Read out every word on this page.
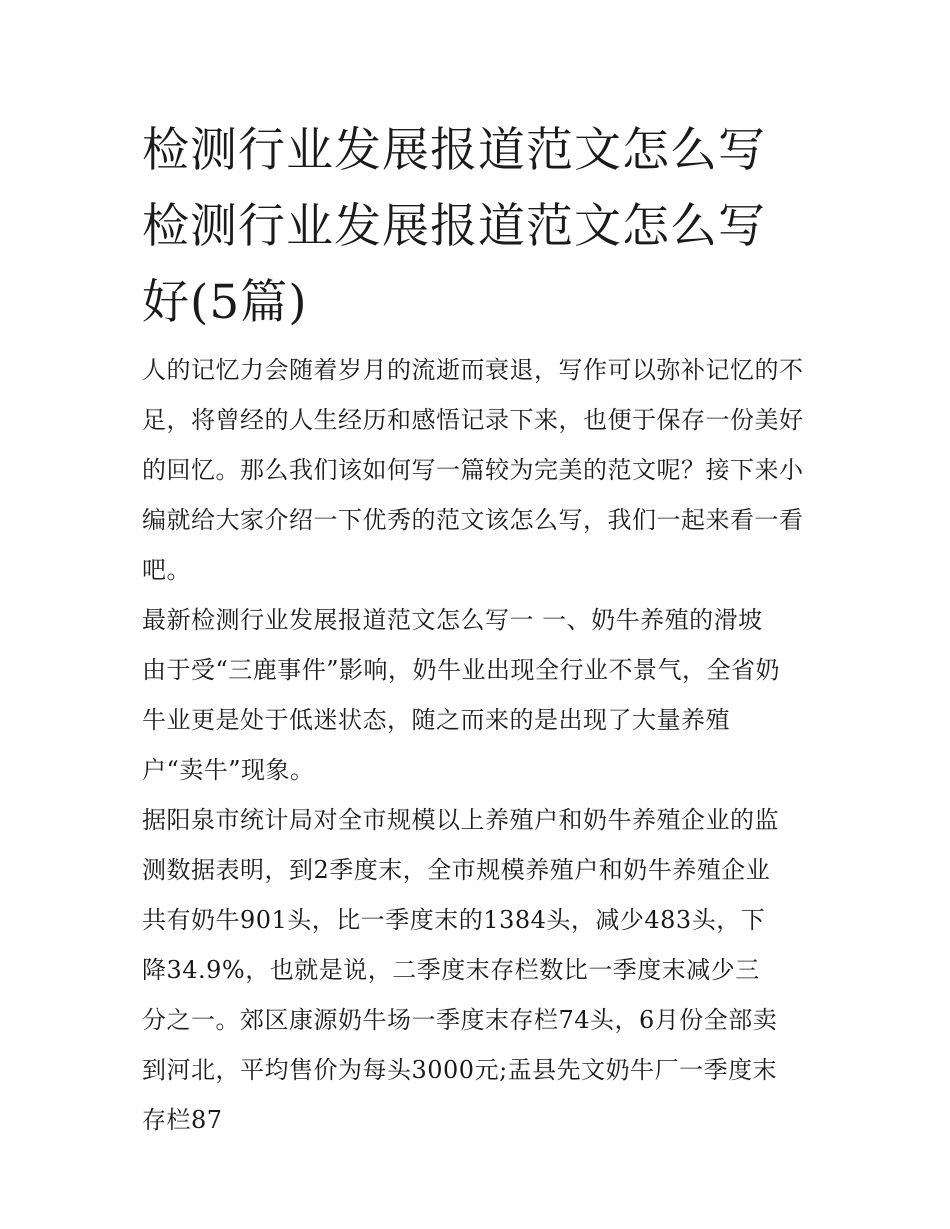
检测行业发展报道范文怎么写检测行业发展报道范文怎么写好(5篇)

人的记忆力会随着岁月的流逝而衰退，写作可以弥补记忆的不足，将曾经的人生经历和感悟记录下来，也便于保存一份美好的回忆。那么我们该如何写一篇较为完美的范文呢？接下来小编就给大家介绍一下优秀的范文该怎么写，我们一起来看一看吧。

最新检测行业发展报道范文怎么写一 一、奶牛养殖的滑坡

由于受“三鹿事件”影响，奶牛业出现全行业不景气，全省奶牛业更是处于低迷状态，随之而来的是出现了大量养殖户“卖牛”现象。

据阳泉市统计局对全市规模以上养殖户和奶牛养殖企业的监测数据表明，到2季度末，全市规模养殖户和奶牛养殖企业共有奶牛901头，比一季度末的1384头，减少483头，下降34.9%，也就是说，二季度末存栏数比一季度末减少三分之一。郊区康源奶牛场一季度末存栏74头，6月份全部卖到河北，平均售价为每头3000元;盂县先文奶牛厂一季度末存栏87
